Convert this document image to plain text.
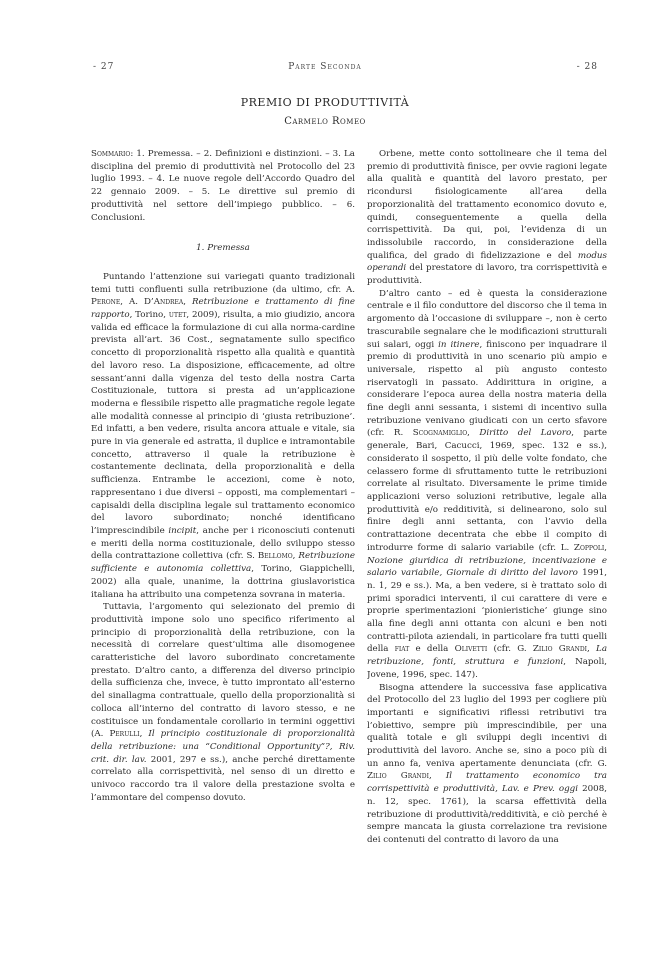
- 27	Parte Seconda	- 28
PREMIO DI PRODUTTIVITÀ
Carmelo Romeo

Sommario: 1. Premessa. – 2. Definizioni e distinzioni. – 3. La disciplina del premio di produttività nel Protocollo del 23 luglio 1993. – 4. Le nuove regole dell’Accordo Quadro del 22 gennaio 2009. – 5. Le direttive sul premio di produttività nel settore dell’impiego pubblico. – 6. Conclusioni.

1. Premessa

Puntando l’attenzione sui variegati quanto tradizionali temi tutti confluenti sulla retribuzione (da ultimo, cfr. A. Perone, A. D’Andrea, Retribuzione e trattamento di fine rapporto, Torino, utet, 2009), risulta, a mio giudizio, ancora valida ed efficace la formulazione di cui alla norma-cardine prevista all’art. 36 Cost., segnatamente sullo specifico concetto di proporzionalità rispetto alla qualità e quantità del lavoro reso. La disposizione, efficacemente, ad oltre sessant’anni dalla vigenza del testo della nostra Carta Costituzionale, tuttora si presta ad un’applicazione moderna e flessibile rispetto alle pragmatiche regole legate alle modalità connesse al principio di ‘giusta retribuzione’. Ed infatti, a ben vedere, risulta ancora attuale e vitale, sia pure in via generale ed astratta, il duplice e intramontabile concetto, attraverso il quale la retribuzione è costantemente declinata, della proporzionalità e della sufficienza. Entrambe le accezioni, come è noto, rappresentano i due diversi – opposti, ma complementari – capisaldi della disciplina legale sul trattamento economico del lavoro subordinato; nonché identificano l’imprescindibile incipit, anche per i riconosciuti contenuti e meriti della norma costituzionale, dello sviluppo stesso della contrattazione collettiva (cfr. S. Bellomo, Retribuzione sufficiente e autonomia collettiva, Torino, Giappichelli, 2002) alla quale, unanime, la dottrina giuslavoristica italiana ha attribuito una competenza sovrana in materia.

Tuttavia, l’argomento qui selezionato del premio di produttività impone solo uno specifico riferimento al principio di proporzionalità della retribuzione, con la necessità di correlare quest’ultima alle disomogenee caratteristiche del lavoro subordinato concretamente prestato. D’altro canto, a differenza del diverso principio della sufficienza che, invece, è tutto improntato all’esterno del sinallagma contrattuale, quello della proporzionalità si colloca all’interno del contratto di lavoro stesso, e ne costituisce un fondamentale corollario in termini oggettivi (A. Perulli, Il principio costituzionale di proporzionalità della retribuzione: una “Conditional Opportunity”?, Riv. crit. dir. lav. 2001, 297 e ss.), anche perché direttamente correlato alla corrispettività, nel senso di un diretto e univoco raccordo tra il valore della prestazione svolta e l’ammontare del compenso dovuto.

Orbene, mette conto sottolineare che il tema del premio di produttività finisce, per ovvie ragioni legate alla qualità e quantità del lavoro prestato, per ricondursi fisiologicamente all’area della proporzionalità del trattamento economico dovuto e, quindi, conseguentemente a quella della corrispettività. Da qui, poi, l’evidenza di un indissolubile raccordo, in considerazione della qualifica, del grado di fidelizzazione e del modus operandi del prestatore di lavoro, tra corrispettività e produttività.

D’altro canto – ed è questa la considerazione centrale e il filo conduttore del discorso che il tema in argomento dà l’occasione di sviluppare –, non è certo trascurabile segnalare che le modificazioni strutturali sui salari, oggi in itinere, finiscono per inquadrare il premio di produttività in uno scenario più ampio e universale, rispetto al più angusto contesto riservatogli in passato. Addirittura in origine, a considerare l’epoca aurea della nostra materia della fine degli anni sessanta, i sistemi di incentivo sulla retribuzione venivano giudicati con un certo sfavore (cfr. R. Scognamiglio, Diritto del Lavoro, parte generale, Bari, Cacucci, 1969, spec. 132 e ss.), considerato il sospetto, il più delle volte fondato, che celassero forme di sfruttamento tutte le retribuzioni correlate al risultato. Diversamente le prime timide applicazioni verso soluzioni retributive, legale alla produttività e/o redditività, si delinearono, solo sul finire degli anni settanta, con l’avvio della contrattazione decentrata che ebbe il compito di introdurre forme di salario variabile (cfr. L. Zoppoli, Nozione giuridica di retribuzione, incentivazione e salario variabile, Giornale di diritto del lavoro 1991, n. 1, 29 e ss.). Ma, a ben vedere, si è trattato solo di primi sporadici interventi, il cui carattere di vere e proprie sperimentazioni ‘pionieristiche’ giunge sino alla fine degli anni ottanta con alcuni e ben noti contratti-pilota aziendali, in particolare fra tutti quelli della fiat e della Olivetti (cfr. G. Zilio Grandi, La retribuzione, fonti, struttura e funzioni, Napoli, Jovene, 1996, spec. 147).

Bisogna attendere la successiva fase applicativa del Protocollo del 23 luglio del 1993 per cogliere più importanti e significativi riflessi retributivi tra l’obiettivo, sempre più imprescindibile, per una qualità totale e gli sviluppi degli incentivi di produttività del lavoro. Anche se, sino a poco più di un anno fa, veniva apertamente denunciata (cfr. G. Zilio Grandi, Il trattamento economico tra corrispettività e produttività, Lav. e Prev. oggi 2008, n. 12, spec. 1761), la scarsa effettività della retribuzione di produttività/redditività, e ciò perché è sempre mancata la giusta correlazione tra revisione dei contenuti del contratto di lavoro da una
